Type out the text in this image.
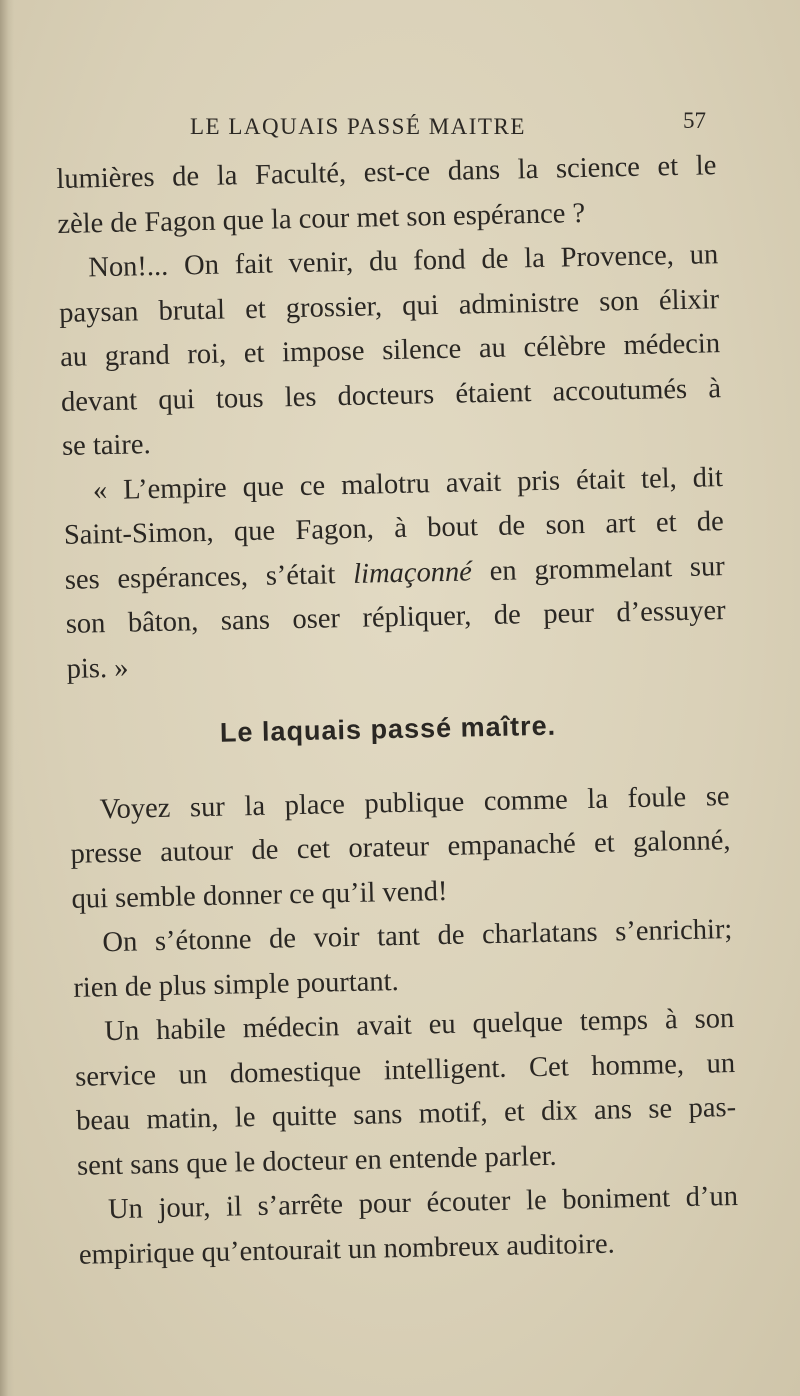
LE LAQUAIS PASSÉ MAITRE	57
lumières de la Faculté, est-ce dans la science et le
zèle de Fagon que la cour met son espérance ?
Non!... On fait venir, du fond de la Provence, un
paysan brutal et grossier, qui administre son élixir
au grand roi, et impose silence au célèbre médecin
devant qui tous les docteurs étaient accoutumés à
se taire.
« L’empire que ce malotru avait pris était tel, dit
Saint-Simon, que Fagon, à bout de son art et de
ses espérances, s’était limaçonné en grommelant sur
son bâton, sans oser répliquer, de peur d’essuyer
pis. »
Le laquais passé maître.
Voyez sur la place publique comme la foule se
presse autour de cet orateur empanaché et galonné,
qui semble donner ce qu’il vend!
On s’étonne de voir tant de charlatans s’enrichir;
rien de plus simple pourtant.
Un habile médecin avait eu quelque temps à son
service un domestique intelligent. Cet homme, un
beau matin, le quitte sans motif, et dix ans se pas-
sent sans que le docteur en entende parler.
Un jour, il s’arrête pour écouter le boniment d’un
empirique qu’entourait un nombreux auditoire.
